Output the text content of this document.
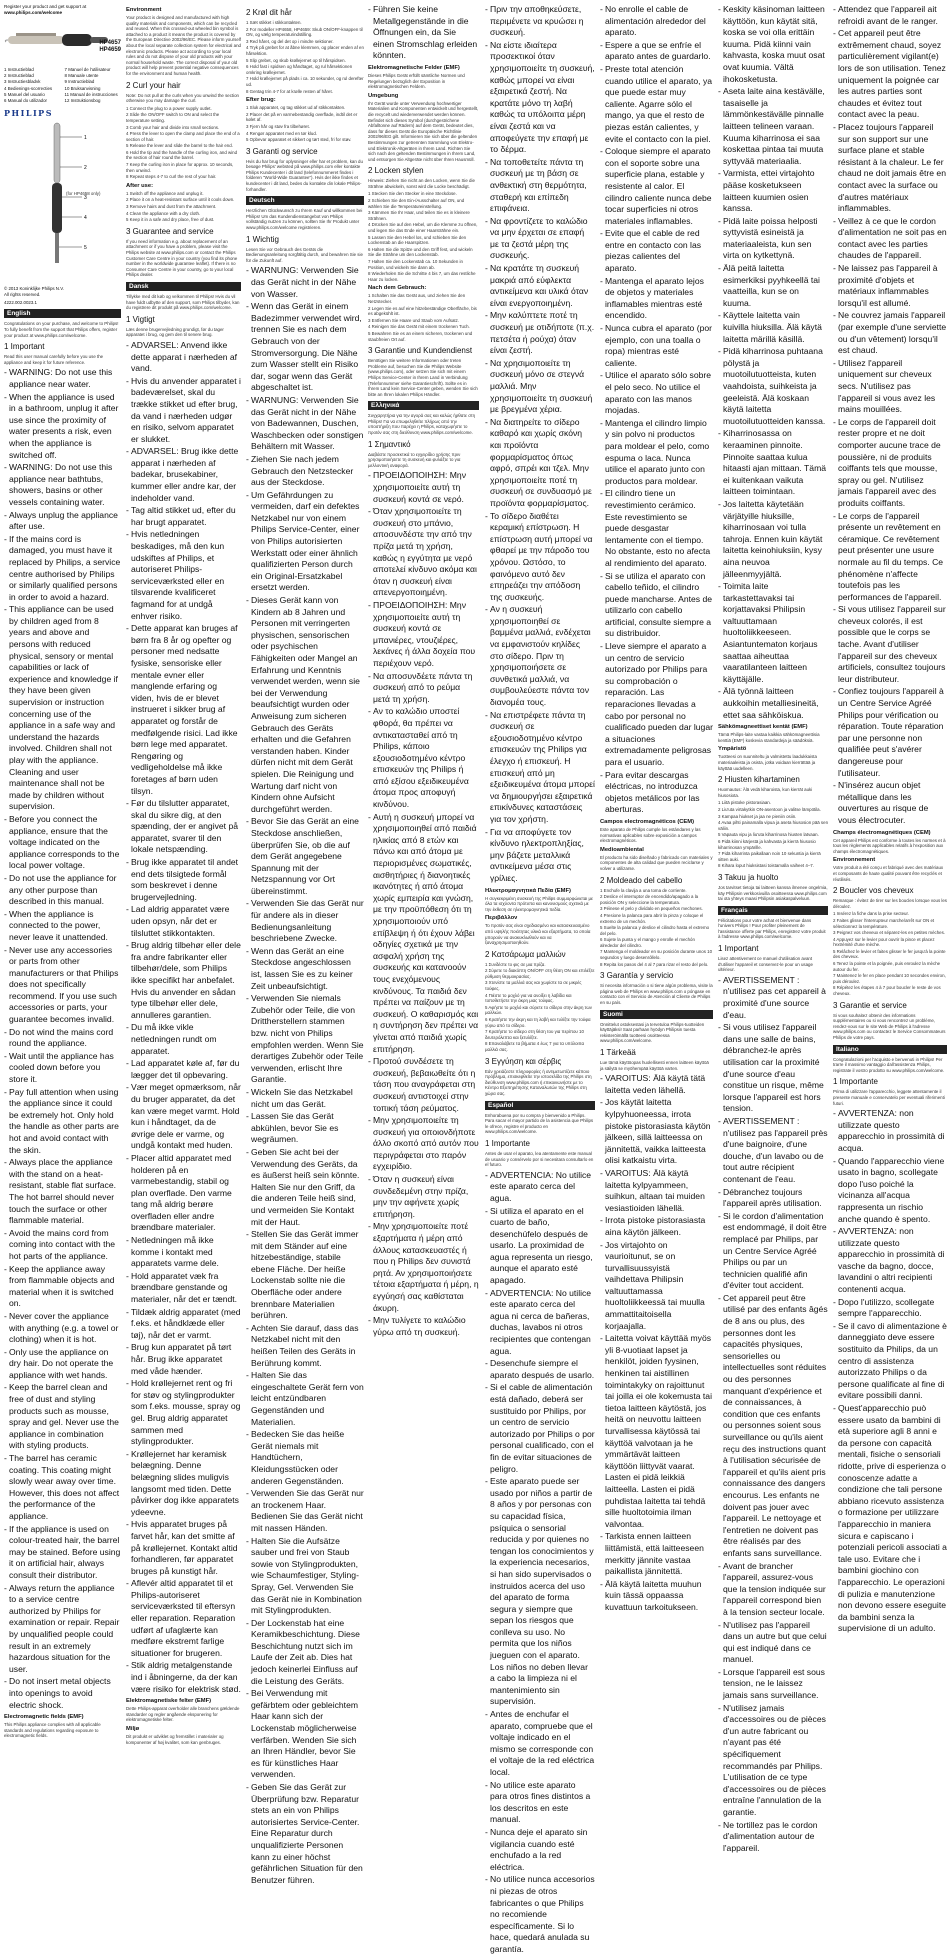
Register your product and get support at
www.philips.com/welcome
HP4657
HP4659
1 Instructieblad	7 Manuel de l'utilisateur
2 Instructieblad	8 Manuale utente
3 Instructiesbladvk	9 Instructieblad
4 Bedienings-scorrecties	10 Bruksanvisning
5 Manuel del usuario	11 Manual de instrucciones
6 Manual do utilizador	12 Instruktionsbog
PHILIPS
1
2
3
4
5
(for HP4658 only)
© 2013 Koninklijke Philips N.V.
All rights reserved.
4222.002.0023.1
English

Congratulations on your purchase, and welcome to Philips! To fully benefit from the support that Philips offers, register your product at www.philips.com/welcome.

1 Important

Read this user manual carefully before you use the appliance and keep it for future reference.

- WARNING: Do not use this appliance near water.
- When the appliance is used in a bathroom, unplug it after use since the proximity of water presents a risk, even when the appliance is switched off.
- WARNING: Do not use this appliance near bathtubs, showers, basins or other vessels containing water.
- Always unplug the appliance after use.
- If the mains cord is damaged, you must have it replaced by Philips, a service centre authorised by Philips or similarly qualified persons in order to avoid a hazard.
- This appliance can be used by children aged from 8 years and above and persons with reduced physical, sensory or mental capabilities or lack of experience and knowledge if they have been given supervision or instruction concerning use of the appliance in a safe way and understand the hazards involved. Children shall not play with the appliance. Cleaning and user maintenance shall not be made by children without supervision.
- Before you connect the appliance, ensure that the voltage indicated on the appliance corresponds to the local power voltage.
- Do not use the appliance for any other purpose than described in this manual.
- When the appliance is connected to the power, never leave it unattended.
- Never use any accessories or parts from other manufacturers or that Philips does not specifically recommend. If you use such accessories or parts, your guarantee becomes invalid.
- Do not wind the mains cord round the appliance.
- Wait until the appliance has cooled down before you store it.
- Pay full attention when using the appliance since it could be extremely hot. Only hold the handle as other parts are hot and avoid contact with the skin.
- Always place the appliance with the stand on a heat-resistant, stable flat surface. The hot barrel should never touch the surface or other flammable material.
- Avoid the mains cord from coming into contact with the hot parts of the appliance.
- Keep the appliance away from flammable objects and material when it is switched on.
- Never cover the appliance with anything (e.g. a towel or clothing) when it is hot.
- Only use the appliance on dry hair. Do not operate the appliance with wet hands.
- Keep the barrel clean and free of dust and styling products such as mousse, spray and gel. Never use the appliance in combination with styling products.
- The barrel has ceramic coating. This coating might slowly wear away over time. However, this does not affect the performance of the appliance.
- If the appliance is used on colour-treated hair, the barrel may be stained. Before using it on artificial hair, always consult their distributor.
- Always return the appliance to a service centre authorized by Philips for examination or repair. Repair by unqualified people could result in an extremely hazardous situation for the user.
- Do not insert metal objects into openings to avoid electric shock.
Electromagnetic fields (EMF)

This Philips appliance complies with all applicable standards and regulations regarding exposure to electromagnetic fields.

Environment

Your product is designed and manufactured with high quality materials and components, which can be recycled and reused. When this crossed-out wheeled bin symbol is attached to a product it means the product is covered by the European Directive 2002/96/EC. Please inform yourself about the local separate collection system for electrical and electronic products. Please act according to your local rules and do not dispose of your old products with your normal household waste. The correct disposal of your old product will help prevent potential negative consequences for the environment and human health.

2 Curl your hair

Note: Do not pull at the curls when you unwind the section otherwise you may damage the curl.

1 Connect the plug to a power supply outlet.
2 Slide the ON/OFF switch to ON and select the temperature setting.
3 Comb your hair and divide into small sections.
4 Press the lever to open the clamp and place the end of a section of hair.
5 Release the lever and slide the barrel to the hair end.
6 Hold the tip and the handle of the curling iron, and wind the section of hair round the barrel.
7 Keep the curling iron in place for approx. 10 seconds, then unwind.
8 Repeat steps 4-7 to curl the rest of your hair.
After use:
1 Switch off the appliance and unplug it.
2 Place it on a heat-resistant surface until it cools down.
3 Remove hairs and dust from the attachment.
4 Clean the appliance with a dry cloth.
5 Keep it in a safe and dry place, free of dust.
3 Guarantee and service

If you need information e.g. about replacement of an attachment or if you have a problem, please visit the Philips website at www.philips.com or contact the Philips Customer Care Centre in your country (you find its phone number in the worldwide guarantee leaflet). If there is no Consumer Care Centre in your country, go to your local Philips dealer.

Dansk

Tillykke med dit køb og velkommen til Philips! Hvis du vil have fuldt udbytte af den support, som Philips tilbyder, kan du registrere dit produkt på www.philips.com/welcome.

1 Vigtigt

Læs denne brugervejledning grundigt, før du tager apparatet i brug, og gem den til senere brug.

- ADVARSEL: Anvend ikke dette apparat i nærheden af vand.
- Hvis du anvender apparatet i badeværelset, skal du trække stikket ud efter brug, da vand i nærheden udgør en risiko, selvom apparatet er slukket.
- ADVARSEL: Brug ikke dette apparat i nærheden af badekar, brusekabiner, kummer eller andre kar, der indeholder vand.
- Tag altid stikket ud, efter du har brugt apparatet.
- Hvis netledningen beskadiges, må den kun udskiftes af Philips, et autoriseret Philips-serviceværksted eller en tilsvarende kvalificeret fagmand for at undgå enhver risiko.
- Dette apparat kan bruges af børn fra 8 år og opefter og personer med nedsatte fysiske, sensoriske eller mentale evner eller manglende erfaring og viden, hvis de er blevet instrueret i sikker brug af apparatet og forstår de medfølgende risici. Lad ikke børn lege med apparatet. Rengøring og vedligeholdelse må ikke foretages af børn uden tilsyn.
- Før du tilslutter apparatet, skal du sikre dig, at den spænding, der er angivet på apparatet, svarer til den lokale netspænding.
- Brug ikke apparatet til andet end dets tilsigtede formål som beskrevet i denne brugervejledning.
- Lad aldrig apparatet være uden opsyn, når det er tilsluttet stikkontakten.
- Brug aldrig tilbehør eller dele fra andre fabrikanter eller tilbehør/dele, som Philips ikke specifikt har anbefalet. Hvis du anvender en sådan type tilbehør eller dele, annulleres garantien.
- Du må ikke vikle netledningen rundt om apparatet.
- Lad apparatet køle af, før du lægger det til opbevaring.
- Vær meget opmærksom, når du bruger apparatet, da det kan være meget varmt. Hold kun i håndtaget, da de øvrige dele er varme, og undgå kontakt med huden.
- Placer altid apparatet med holderen på en varmebestandig, stabil og plan overflade. Den varme tang må aldrig berøre overfladen eller andre brændbare materialer.
- Netledningen må ikke komme i kontakt med apparatets varme dele.
- Hold apparatet væk fra brændbare genstande og materialer, når det er tændt.
- Tildæk aldrig apparatet (med f.eks. et håndklæde eller tøj), når det er varmt.
- Brug kun apparatet på tørt hår. Brug ikke apparatet med våde hænder.
- Hold krøllejernet rent og fri for støv og stylingprodukter som f.eks. mousse, spray og gel. Brug aldrig apparatet sammen med stylingprodukter.
- Krøllejernet har keramisk belægning. Denne belægning slides muligvis langsomt med tiden. Dette påvirker dog ikke apparatets ydeevne.
- Hvis apparatet bruges på farvet hår, kan det smitte af på krøllejernet. Kontakt altid forhandleren, før apparatet bruges på kunstigt hår.
- Aflevér altid apparatet til et Philips-autoriseret serviceværksted til eftersyn eller reparation. Reparation udført af ufaglærte kan medføre ekstremt farlige situationer for brugeren.
- Stik aldrig metalgenstande ind i åbningerne, da der kan være risiko for elektrisk stød.
Elektromagnetiske felter (EMF)

Dette Philips-apparat overholder alle branchens gældende standarder og regler angående eksponering for elektromagnetiske felter.

Miljø

Dit produkt er udviklet og fremstillet i materialer og komponenter af høj kvalitet, som kan genbruges.

2 Krøl dit hår
1 Sæt stikket i stikkontakten.
2 For modeller HP4658, HP4659: Skub ON/OFF-knappen til ON, og vælg temperaturindstilling.
3 Red håret, og del det op i mindre sektioner.
4 Tryk på grebet for at åbne klemmen, og placer enden af en hårsektion.
5 Slip grebet, og skub krøllejernet op til hårspidsen.
6 Hold fast i spidsen og håndtaget, og rul hårsektionen omkring krøllejernet.
7 Hold krøllejernet på plads i ca. 10 sekunder, og rul derefter ud.
8 Gentag trin 4-7 for at krølle resten af håret.
Efter brug:
1 Sluk apparatet, og tag stikket ud af stikkontakten.
2 Placer det på en varmebestandig overflade, indtil det er kølet af.
3 Fjern hår og støv fra tilbehøret.
4 Rengør apparatet med en tør klud.
5 Opbevar apparatet et sikkert og tørt sted, fri for støv.
3 Garanti og service

Hvis du har brug for oplysninger eller har et problem, kan du besøge Philips' websted på www.philips.com eller kontakte Philips Kundecenter i dit land (telefonnummeret findes i folderen "World-Wide Guarantee"). Hvis der ikke findes et kundecenter i dit land, bedes du kontakte din lokale Philips-forhandler.

Deutsch

Herzlichen Glückwunsch zu Ihrem Kauf und willkommen bei Philips! Um das Kundendienstangebot von Philips vollständig nutzen zu können, sollten Sie Ihr Produkt unter www.philips.com/welcome registrieren.

1 Wichtig

Lesen Sie vor Gebrauch des Geräts die Bedienungsanleitung sorgfältig durch, und bewahren Sie sie für die Zukunft auf.

- WARNUNG: Verwenden Sie das Gerät nicht in der Nähe von Wasser.
- Wenn das Gerät in einem Badezimmer verwendet wird, trennen Sie es nach dem Gebrauch von der Stromversorgung. Die Nähe zum Wasser stellt ein Risiko dar, sogar wenn das Gerät abgeschaltet ist.
- WARNUNG: Verwenden Sie das Gerät nicht in der Nähe von Badewannen, Duschen, Waschbecken oder sonstigen Behältern mit Wasser.
- Ziehen Sie nach jedem Gebrauch den Netzstecker aus der Steckdose.
- Um Gefährdungen zu vermeiden, darf ein defektes Netzkabel nur von einem Philips Service-Center, einer von Philips autorisierten Werkstatt oder einer ähnlich qualifizierten Person durch ein Original-Ersatzkabel ersetzt werden.
- Dieses Gerät kann von Kindern ab 8 Jahren und Personen mit verringerten physischen, sensorischen oder psychischen Fähigkeiten oder Mangel an Erfahrung und Kenntnis verwendet werden, wenn sie bei der Verwendung beaufsichtigt wurden oder Anweisung zum sicheren Gebrauch des Geräts erhalten und die Gefahren verstanden haben. Kinder dürfen nicht mit dem Gerät spielen. Die Reinigung und Wartung darf nicht von Kindern ohne Aufsicht durchgeführt werden.
- Bevor Sie das Gerät an eine Steckdose anschließen, überprüfen Sie, ob die auf dem Gerät angegebene Spannung mit der Netzspannung vor Ort übereinstimmt.
- Verwenden Sie das Gerät nur für andere als in dieser Bedienungsanleitung beschriebene Zwecke.
- Wenn das Gerät an eine Steckdose angeschlossen ist, lassen Sie es zu keiner Zeit unbeaufsichtigt.
- Verwenden Sie niemals Zubehör oder Teile, die von Drittherstellern stammen bzw. nicht von Philips empfohlen werden. Wenn Sie derartiges Zubehör oder Teile verwenden, erlischt Ihre Garantie.
- Wickeln Sie das Netzkabel nicht um das Gerät.
- Lassen Sie das Gerät abkühlen, bevor Sie es wegräumen.
- Geben Sie acht bei der Verwendung des Geräts, da es äußerst heiß sein könnte. Halten Sie nur den Griff, da die anderen Teile heiß sind, und vermeiden Sie Kontakt mit der Haut.
- Stellen Sie das Gerät immer mit dem Ständer auf eine hitzebeständige, stabile ebene Fläche. Der heiße Lockenstab sollte nie die Oberfläche oder andere brennbare Materialien berühren.
- Achten Sie darauf, dass das Netzkabel nicht mit den heißen Teilen des Geräts in Berührung kommt.
- Halten Sie das eingeschaltete Gerät fern von leicht entzündbaren Gegenständen und Materialien.
- Bedecken Sie das heiße Gerät niemals mit Handtüchern, Kleidungsstücken oder anderen Gegenständen.
- Verwenden Sie das Gerät nur an trockenem Haar. Bedienen Sie das Gerät nicht mit nassen Händen.
- Halten Sie die Aufsätze sauber und frei von Staub sowie von Stylingprodukten, wie Schaumfestiger, Styling-Spray, Gel. Verwenden Sie das Gerät nie in Kombination mit Stylingprodukten.
- Der Lockenstab hat eine Keramikbeschichtung. Diese Beschichtung nutzt sich im Laufe der Zeit ab. Dies hat jedoch keinerlei Einfluss auf die Leistung des Geräts.
- Bei Verwendung mit gefärbtem oder gebleichtem Haar kann sich der Lockenstab möglicherweise verfärben. Wenden Sie sich an Ihren Händler, bevor Sie es für künstliches Haar verwenden.
- Geben Sie das Gerät zur Überprüfung bzw. Reparatur stets an ein von Philips autorisiertes Service-Center. Eine Reparatur durch unqualifizierte Personen kann zu einer höchst gefährlichen Situation für den Benutzer führen.
- Führen Sie keine Metallgegenstände in die Öffnungen ein, da Sie einen Stromschlag erleiden könnten.
Elektromagnetische Felder (EMF)

Dieses Philips Gerät erfüllt sämtliche Normen und Regelungen bezüglich der Exposition in elektromagnetischen Feldern.

Umgebung

Ihr Gerät wurde unter Verwendung hochwertiger Materialien und Komponenten entwickelt und hergestellt, die recycelt und wiederverwendet werden können. Befindet sich dieses Symbol (durchgestrichene Abfalltonne auf Rädern) auf dem Gerät, bedeutet dies, dass für dieses Gerät die Europäische Richtlinie 2002/96/EG gilt. Informieren Sie sich über die geltenden Bestimmungen zur getrennten Sammlung von Elektro- und Elektronik-Altgeräten in Ihrem Land. Richten Sie sich nach den geltenden Bestimmungen in Ihrem Land, und entsorgen Sie Altgeräte nicht über Ihren Hausmüll.

2 Locken stylen

Hinweis: Ziehen Sie nicht an den Locken, wenn Sie die Strähne abwickeln, sonst wird die Locke beschädigt.

1 Stecken Sie den Stecker in eine Steckdose.
2 Schieben Sie den Ein-/Ausschalter auf ON, und wählen Sie die Temperatureinstellung.
3 Kämmen Sie Ihr Haar, und teilen Sie es in kleinere Strähnen.
4 Drücken Sie auf den Hebel, um die Klemme zu öffnen, und legen Sie das Ende einer Haarsträhne ein.
5 Lassen Sie den Hebel los, und schieben Sie den Lockenstab an die Haarspitzen.
6 Halten Sie die Spitze und den Griff fest, und wickeln Sie die Strähne um den Lockenstab.
7 Halten Sie den Lockenstab ca. 10 Sekunden in Position, und wickeln Sie dann ab.
8 Wiederholen Sie die Schritte 4 bis 7, um das restliche Haar zu locken.
Nach dem Gebrauch:
1 Schalten Sie das Gerät aus, und ziehen Sie den Netzstecker.
2 Legen Sie es auf eine hitzebeständige Oberfläche, bis es abgekühlt ist.
3 Entfernen Sie Haare und Staub vom Aufsatz.
4 Reinigen Sie das Gerät mit einem trockenen Tuch.
5 Bewahren Sie es an einem sicheren, trockenen und staubfreien Ort auf.
3 Garantie und Kundendienst

Benötigen Sie weitere Informationen oder treten Probleme auf, besuchen Sie die Philips Website (www.philips.com), oder setzen Sie sich mit einem Philips Service-Center in Ihrem Land in Verbindung (Telefonnummer siehe Garantieschrift). Sollte es in Ihrem Land kein Service-Center geben, wenden Sie sich bitte an Ihren lokalen Philips Händler.

Ελληνικά

Συγχαρητήρια για την αγορά σας και καλώς ήρθατε στη Philips! Για να επωφεληθείτε πλήρως από την υποστήριξη που παρέχει η Philips, καταχωρήστε το προϊόν σας στη διεύθυνση www.philips.com/welcome.

1 Σημαντικό

Διαβάστε προσεκτικά το εγχειρίδιο χρήσης πριν χρησιμοποιήσετε τη συσκευή και φυλάξτε το για μελλοντική αναφορά.

- ΠΡΟΕΙΔΟΠΟΙΗΣΗ: Μην χρησιμοποιείτε αυτή τη συσκευή κοντά σε νερό.
- Όταν χρησιμοποιείτε τη συσκευή στο μπάνιο, αποσυνδέστε την από την πρίζα μετά τη χρήση, καθώς η εγγύτητα με νερό αποτελεί κίνδυνο ακόμα και όταν η συσκευή είναι απενεργοποιημένη.
- ΠΡΟΕΙΔΟΠΟΙΗΣΗ: Μην χρησιμοποιείτε αυτή τη συσκευή κοντά σε μπανιέρες, ντουζιέρες, λεκάνες ή άλλα δοχεία που περιέχουν νερό.
- Να αποσυνδέετε πάντα τη συσκευή από το ρεύμα μετά τη χρήση.
- Αν το καλώδιο υποστεί φθορά, θα πρέπει να αντικατασταθεί από τη Philips, κάποιο εξουσιοδοτημένο κέντρο επισκευών της Philips ή από εξίσου εξειδικευμένα άτομα προς αποφυγή κινδύνου.
- Αυτή η συσκευή μπορεί να χρησιμοποιηθεί από παιδιά ηλικίας από 8 ετών και πάνω και από άτομα με περιορισμένες σωματικές, αισθητήριες ή διανοητικές ικανότητες ή από άτομα χωρίς εμπειρία και γνώση, με την προϋπόθεση ότι τη χρησιμοποιούν υπό επίβλεψη ή ότι έχουν λάβει οδηγίες σχετικά με την ασφαλή χρήση της συσκευής και κατανοούν τους ενεχόμενους κινδύνους. Τα παιδιά δεν πρέπει να παίζουν με τη συσκευή. Ο καθαρισμός και η συντήρηση δεν πρέπει να γίνεται από παιδιά χωρίς επιτήρηση.
- Προτού συνδέσετε τη συσκευή, βεβαιωθείτε ότι η τάση που αναγράφεται στη συσκευή αντιστοιχεί στην τοπική τάση ρεύματος.
- Μην χρησιμοποιείτε τη συσκευή για οποιονδήποτε άλλο σκοπό από αυτόν που περιγράφεται στο παρόν εγχειρίδιο.
- Όταν η συσκευή είναι συνδεδεμένη στην πρίζα, μην την αφήνετε χωρίς επιτήρηση.
- Μην χρησιμοποιείτε ποτέ εξαρτήματα ή μέρη από άλλους κατασκευαστές ή που η Philips δεν συνιστά ρητά. Αν χρησιμοποιήσετε τέτοια εξαρτήματα ή μέρη, η εγγύησή σας καθίσταται άκυρη.
- Μην τυλίγετε το καλώδιο γύρω από τη συσκευή.
- Πριν την αποθηκεύσετε, περιμένετε να κρυώσει η συσκευή.
- Να είστε ιδιαίτερα προσεκτικοί όταν χρησιμοποιείτε τη συσκευή, καθώς μπορεί να είναι εξαιρετικά ζεστή. Να κρατάτε μόνο τη λαβή καθώς τα υπόλοιπα μέρη είναι ζεστά και να αποφεύγετε την επαφή με το δέρμα.
- Να τοποθετείτε πάντα τη συσκευή με τη βάση σε ανθεκτική στη θερμότητα, σταθερή και επίπεδη επιφάνεια.
- Να φροντίζετε το καλώδιο να μην έρχεται σε επαφή με τα ζεστά μέρη της συσκευής.
- Να κρατάτε τη συσκευή μακριά από εύφλεκτα αντικείμενα και υλικά όταν είναι ενεργοποιημένη.
- Μην καλύπτετε ποτέ τη συσκευή με οτιδήποτε (π.χ. πετσέτα ή ρούχα) όταν είναι ζεστή.
- Να χρησιμοποιείτε τη συσκευή μόνο σε στεγνά μαλλιά. Μην χρησιμοποιείτε τη συσκευή με βρεγμένα χέρια.
- Να διατηρείτε το σίδερο καθαρό και χωρίς σκόνη και προϊόντα φορμαρίσματος όπως αφρό, σπρέι και τζελ. Μην χρησιμοποιείτε ποτέ τη συσκευή σε συνδυασμό με προϊόντα φορμαρίσματος.
- Το σίδερο διαθέτει κεραμική επίστρωση. Η επίστρωση αυτή μπορεί να φθαρεί με την πάροδο του χρόνου. Ωστόσο, το φαινόμενο αυτό δεν επηρεάζει την απόδοση της συσκευής.
- Αν η συσκευή χρησιμοποιηθεί σε βαμμένα μαλλιά, ενδέχεται να εμφανιστούν κηλίδες στο σίδερο. Πριν τη χρησιμοποιήσετε σε συνθετικά μαλλιά, να συμβουλεύεστε πάντα τον διανομέα τους.
- Να επιστρέφετε πάντα τη συσκευή σε εξουσιοδοτημένο κέντρο επισκευών της Philips για έλεγχο ή επισκευή. Η επισκευή από μη εξειδικευμένα άτομα μπορεί να δημιουργήσει εξαιρετικά επικίνδυνες καταστάσεις για τον χρήστη.
- Για να αποφύγετε τον κίνδυνο ηλεκτροπληξίας, μην βάζετε μεταλλικά αντικείμενα μέσα στις γρίλιες.
Ηλεκτρομαγνητικά Πεδία (EMF)

Η συγκεκριμένη συσκευή της Philips συμμορφώνεται με όλα τα ισχύοντα πρότυπα και κανονισμούς σχετικά με την έκθεση σε ηλεκτρομαγνητικά πεδία.

Περιβάλλον

Το προϊόν σας είναι σχεδιασμένο και κατασκευασμένο από υψηλής ποιότητας υλικά και εξαρτήματα, τα οποία μπορούν να ανακυκλωθούν και να ξαναχρησιμοποιηθούν.

2 Κατσάρωμα μαλλιών
1 Συνδέστε το φις σε μια πρίζα.
2 Σύρετε το διακόπτη ON/OFF στη θέση ON και επιλέξτε ρύθμιση θερμοκρασίας.
3 Χτενίστε τα μαλλιά σας και χωρίστε τα σε μικρές τούφες.
4 Πιέστε το μοχλό για να ανοίξει η λαβίδα και τοποθετήστε την άκρη μιας τούφας.
5 Αφήστε το μοχλό και σύρετε το σίδερο στην άκρη των μαλλιών.
6 Κρατήστε την άκρη και τη λαβή και τυλίξτε την τούφα γύρω από το σίδερο.
7 Κρατήστε το σίδερο στη θέση του για περίπου 10 δευτερόλεπτα και ξετυλίξτε.
8 Επαναλάβετε τα βήματα 4 έως 7 για τα υπόλοιπα μαλλιά σας.
3 Εγγύηση και σέρβις

Εάν χρειάζεστε πληροφορίες ή αντιμετωπίζετε κάποιο πρόβλημα, επισκεφθείτε την ιστοσελίδα της Philips στη διεύθυνση www.philips.com ή επικοινωνήστε με το Κέντρο Εξυπηρέτησης Καταναλωτών της Philips στη χώρα σας.

Español

Enhorabuena por su compra y bienvenido a Philips. Para sacar el mayor partido de la asistencia que Philips le ofrece, registre el producto en www.philips.com/welcome.

1 Importante

Antes de usar el aparato, lea atentamente este manual de usuario y consérvelo por si necesitara consultarlo en el futuro.

- ADVERTENCIA: No utilice este aparato cerca del agua.
- Si utiliza el aparato en el cuarto de baño, desenchúfelo después de usarlo. La proximidad de agua representa un riesgo, aunque el aparato esté apagado.
- ADVERTENCIA: No utilice este aparato cerca del agua ni cerca de bañeras, duchas, lavabos ni otros recipientes que contengan agua.
- Desenchufe siempre el aparato después de usarlo.
- Si el cable de alimentación está dañado, deberá ser sustituido por Philips, por un centro de servicio autorizado por Philips o por personal cualificado, con el fin de evitar situaciones de peligro.
- Este aparato puede ser usado por niños a partir de 8 años y por personas con su capacidad física, psíquica o sensorial reducida y por quienes no tengan los conocimientos y la experiencia necesarios, si han sido supervisados o instruidos acerca del uso del aparato de forma segura y siempre que sepan los riesgos que conlleva su uso. No permita que los niños jueguen con el aparato. Los niños no deben llevar a cabo la limpieza ni el mantenimiento sin supervisión.
- Antes de enchufar el aparato, compruebe que el voltaje indicado en el mismo se corresponde con el voltaje de la red eléctrica local.
- No utilice este aparato para otros fines distintos a los descritos en este manual.
- Nunca deje el aparato sin vigilancia cuando esté enchufado a la red eléctrica.
- No utilice nunca accesorios ni piezas de otros fabricantes o que Philips no recomiende específicamente. Si lo hace, quedará anulada su garantía.
- No enrolle el cable de alimentación alrededor del aparato.
- Espere a que se enfríe el aparato antes de guardarlo.
- Preste total atención cuando utilice el aparato, ya que puede estar muy caliente. Agarre sólo el mango, ya que el resto de piezas están calientes, y evite el contacto con la piel.
- Coloque siempre el aparato con el soporte sobre una superficie plana, estable y resistente al calor. El cilindro caliente nunca debe tocar superficies ni otros materiales inflamables.
- Evite que el cable de red entre en contacto con las piezas calientes del aparato.
- Mantenga el aparato lejos de objetos y materiales inflamables mientras esté encendido.
- Nunca cubra el aparato (por ejemplo, con una toalla o ropa) mientras esté caliente.
- Utilice el aparato sólo sobre el pelo seco. No utilice el aparato con las manos mojadas.
- Mantenga el cilindro limpio y sin polvo ni productos para moldear el pelo, como espuma o laca. Nunca utilice el aparato junto con productos para moldear.
- El cilindro tiene un revestimiento cerámico. Este revestimiento se puede desgastar lentamente con el tiempo. No obstante, esto no afecta al rendimiento del aparato.
- Si se utiliza el aparato con cabello teñido, el cilindro puede mancharse. Antes de utilizarlo con cabello artificial, consulte siempre a su distribuidor.
- Lleve siempre el aparato a un centro de servicio autorizado por Philips para su comprobación o reparación. Las reparaciones llevadas a cabo por personal no cualificado pueden dar lugar a situaciones extremadamente peligrosas para el usuario.
- Para evitar descargas eléctricas, no introduzca objetos metálicos por las aberturas.
Campos electromagnéticos (CEM)

Este aparato de Philips cumple los estándares y las normativas aplicables sobre exposición a campos electromagnéticos.

Medioambiental

El producto ha sido diseñado y fabricado con materiales y componentes de alta calidad que pueden reciclarse y volver a utilizarse.

2 Moldeado del cabello
1 Enchufe la clavija a una toma de corriente.
2 Deslice el interruptor de encendido/apagado a la posición ON y seleccione la temperatura.
3 Péinese el pelo y divídalo en pequeños mechones.
4 Presione la palanca para abrir la pinza y coloque el extremo de un mechón.
5 Suelte la palanca y deslice el cilindro hasta el extremo del pelo.
6 Sujete la punta y el mango y enrolle el mechón alrededor del cilindro.
7 Mantenga el moldeador en su posición durante unos 10 segundos y luego desenróllelo.
8 Repita los pasos del 4 al 7 para rizar el resto del pelo.
3 Garantía y servicio

Si necesita información o si tiene algún problema, visite la página web de Philips en www.philips.com o póngase en contacto con el Servicio de Atención al Cliente de Philips en su país.

Suomi

Onnittelut ostoksestasi ja tervetuloa Philips-tuotteiden käyttäjäksi! Saat parhaan hyödyn Philipsin tuesta rekisteröimällä tuotteesi osoitteessa www.philips.com/welcome.

1 Tärkeää

Lue tämä käyttöopas huolellisesti ennen laitteen käyttöä ja säilytä se myöhempää käyttöä varten.

- VAROITUS: Älä käytä tätä laitetta veden lähellä.
- Jos käytät laitetta kylpyhuoneessa, irrota pistoke pistorasiasta käytön jälkeen, sillä laitteessa on jännitettä, vaikka laitteesta olisi katkaistu virta.
- VAROITUS: Älä käytä laitetta kylpyammeen, suihkun, altaan tai muiden vesiastioiden lähellä.
- Irrota pistoke pistorasiasta aina käytön jälkeen.
- Jos virtajohto on vaurioitunut, se on turvallisuussyistä vaihdettava Philipsin valtuuttamassa huoltoliikkeessä tai muulla ammattitaitoisella korjaajalla.
- Laitetta voivat käyttää myös yli 8-vuotiaat lapset ja henkilöt, joiden fyysinen, henkinen tai aistillinen toimintakyky on rajoittunut tai joilla ei ole kokemusta tai tietoa laitteen käytöstä, jos heitä on neuvottu laitteen turvallisessa käytössä tai käyttöä valvotaan ja he ymmärtävät laitteen käyttöön liittyvät vaarat. Lasten ei pidä leikkiä laitteella. Lasten ei pidä puhdistaa laitetta tai tehdä sille huoltotoimia ilman valvontaa.
- Tarkista ennen laitteen liittämistä, että laitteeseen merkitty jännite vastaa paikallista jännitettä.
- Älä käytä laitetta muuhun kuin tässä oppaassa kuvattuun tarkoitukseen.
- Keskity käsinoman laitteen käyttöön, kun käytät sitä, koska se voi olla erittäin kuuma. Pidä kiinni vain kahvasta, koska muut osat ovat kuumia. Vältä ihokosketusta.
- Aseta laite aina kestävälle, tasaiselle ja lämmönkestävälle pinnalle laitteen telineen varaan. Kuuma kiharrinosa ei saa koskettaa pintaa tai muuta syttyvää materiaalia.
- Varmista, ettei virtajohto pääse kosketukseen laitteen kuumien osien kanssa.
- Pidä laite poissa helposti syttyvistä esineistä ja materiaaleista, kun sen virta on kytkettynä.
- Älä peitä laitetta esimerkiksi pyyhkeellä tai vaatteilla, kun se on kuuma.
- Käyttele laitetta vain kuivilla hiuksilla. Älä käytä laitetta märillä käsillä.
- Pidä kiharrinosa puhtaana pölystä ja muotoilutuotteista, kuten vaahdoista, suihkeista ja geeleistä. Älä koskaan käytä laitetta muotoilutuotteiden kanssa.
- Kiharrinosassa on keraaminen pinnoite. Pinnoite saattaa kulua hitaasti ajan mittaan. Tämä ei kuitenkaan vaikuta laitteen toimintaan.
- Jos laitetta käytetään värjätyille hiuksille, kiharrinosaan voi tulla tahroja. Ennen kuin käytät laitetta keinohiuksiin, kysy aina neuvoa jälleenmyyjältä.
- Toimita laite tarkastettavaksi tai korjattavaksi Philipsin valtuuttamaan huoltoliikkeeseen. Asiantuntematon korjaus saattaa aiheuttaa vaaratilanteen laitteen käyttäjälle.
- Älä työnnä laitteen aukkoihin metalliesineitä, ettet saa sähköiskua.
Sähkömagneettiset kentät (EMF)

Tämä Philips-laite vastaa kaikkia sähkömagneettisia kenttiä (EMF) koskevia standardeja ja säädöksiä.

Ympäristö

Tuotteesi on suunniteltu ja valmistettu laadukkaista materiaaleista ja osista, jotka voidaan kierrättää ja käyttää uudelleen.

2 Hiusten kihartaminen

Huomautus: Älä vedä kiharoista, kun kierrät auki hiusosiota.

1 Liitä pistoke pistorasiaan.
2 Liu'uta virtakytkin ON-asentoon ja valitse lämpötila.
3 Kampaa hiukset ja jaa ne pieniin osiin.
4 Avaa pihti painamalla vipua ja aseta hiusosion pää sen väliin.
5 Vapauta vipu ja liu'uta kiharrinosa hiusten latvaan.
6 Pidä kiinni kärjestä ja kahvasta ja kierrä hiusosio kiharrinosan ympärille.
7 Pidä kiharrinta paikallaan noin 10 sekuntia ja kierrä sitten auki.
8 Kihara loput hiuksistasi toistamalla vaiheet 4–7.
3 Takuu ja huolto

Jos tarvitset tietoja tai laitteen kanssa ilmenee ongelmia, käy Philipsin verkkosivuilla osoitteessa www.philips.com tai ota yhteys maasi Philipsin asiakaspalveluun.

Français

Félicitations pour votre achat et bienvenue dans l'univers Philips ! Pour profiter pleinement de l'assistance offerte par Philips, enregistrez votre produit à l'adresse www.philips.com/welcome.

1 Important

Lisez attentivement ce manuel d'utilisation avant d'utiliser l'appareil et conservez-le pour un usage ultérieur.

- AVERTISSEMENT : n'utilisez pas cet appareil à proximité d'une source d'eau.
- Si vous utilisez l'appareil dans une salle de bains, débranchez-le après utilisation car la proximité d'une source d'eau constitue un risque, même lorsque l'appareil est hors tension.
- AVERTISSEMENT : n'utilisez pas l'appareil près d'une baignoire, d'une douche, d'un lavabo ou de tout autre récipient contenant de l'eau.
- Débranchez toujours l'appareil après utilisation.
- Si le cordon d'alimentation est endommagé, il doit être remplacé par Philips, par un Centre Service Agréé Philips ou par un technicien qualifié afin d'éviter tout accident.
- Cet appareil peut être utilisé par des enfants âgés de 8 ans ou plus, des personnes dont les capacités physiques, sensorielles ou intellectuelles sont réduites ou des personnes manquant d'expérience et de connaissances, à condition que ces enfants ou personnes soient sous surveillance ou qu'ils aient reçu des instructions quant à l'utilisation sécurisée de l'appareil et qu'ils aient pris connaissance des dangers encourus. Les enfants ne doivent pas jouer avec l'appareil. Le nettoyage et l'entretien ne doivent pas être réalisés par des enfants sans surveillance.
- Avant de brancher l'appareil, assurez-vous que la tension indiquée sur l'appareil correspond bien à la tension secteur locale.
- N'utilisez pas l'appareil dans un autre but que celui qui est indiqué dans ce manuel.
- Lorsque l'appareil est sous tension, ne le laissez jamais sans surveillance.
- N'utilisez jamais d'accessoires ou de pièces d'un autre fabricant ou n'ayant pas été spécifiquement recommandés par Philips. L'utilisation de ce type d'accessoires ou de pièces entraîne l'annulation de la garantie.
- Ne tortillez pas le cordon d'alimentation autour de l'appareil.
- Attendez que l'appareil ait refroidi avant de le ranger.
- Cet appareil peut être extrêmement chaud, soyez particulièrement vigilant(e) lors de son utilisation. Tenez uniquement la poignée car les autres parties sont chaudes et évitez tout contact avec la peau.
- Placez toujours l'appareil sur son support sur une surface plane et stable résistant à la chaleur. Le fer chaud ne doit jamais être en contact avec la surface ou d'autres matériaux inflammables.
- Veillez à ce que le cordon d'alimentation ne soit pas en contact avec les parties chaudes de l'appareil.
- Ne laissez pas l'appareil à proximité d'objets et matériaux inflammables lorsqu'il est allumé.
- Ne couvrez jamais l'appareil (par exemple d'une serviette ou d'un vêtement) lorsqu'il est chaud.
- Utilisez l'appareil uniquement sur cheveux secs. N'utilisez pas l'appareil si vous avez les mains mouillées.
- Le corps de l'appareil doit rester propre et ne doit comporter aucune trace de poussière, ni de produits coiffants tels que mousse, spray ou gel. N'utilisez jamais l'appareil avec des produits coiffants.
- Le corps de l'appareil présente un revêtement en céramique. Ce revêtement peut présenter une usure normale au fil du temps. Ce phénomène n'affecte toutefois pas les performances de l'appareil.
- Si vous utilisez l'appareil sur cheveux colorés, il est possible que le corps se tache. Avant d'utiliser l'appareil sur des cheveux artificiels, consultez toujours leur distributeur.
- Confiez toujours l'appareil à un Centre Service Agréé Philips pour vérification ou réparation. Toute réparation par une personne non qualifiée peut s'avérer dangereuse pour l'utilisateur.
- N'insérez aucun objet métallique dans les ouvertures au risque de vous électrocuter.
Champs électromagnétiques (CEM)

Cet appareil Philips est conforme à toutes les normes et à tous les règlements applicables relatifs à l'exposition aux champs électromagnétiques.

Environnement

Votre produit a été conçu et fabriqué avec des matériaux et composants de haute qualité pouvant être recyclés et réutilisés.

2 Boucler vos cheveux

Remarque : évitez de tirer sur les boucles lorsque vous les déroulez.

1 Insérez la fiche dans la prise secteur.
2 Faites glisser l'interrupteur marche/arrêt sur ON et sélectionnez la température.
3 Peignez vos cheveux et séparez-les en petites mèches.
4 Appuyez sur le levier pour ouvrir la pince et placez l'extrémité d'une mèche.
5 Relâchez le levier et faites glisser le fer jusqu'à la pointe des cheveux.
6 Tenez la pointe et la poignée, puis enroulez la mèche autour du fer.
7 Maintenez le fer en place pendant 10 secondes environ, puis déroulez.
8 Répétez les étapes 4 à 7 pour boucler le reste de vos cheveux.
3 Garantie et service

Si vous souhaitez obtenir des informations supplémentaires ou si vous rencontrez un problème, rendez-vous sur le site Web de Philips à l'adresse www.philips.com ou contactez le Service Consommateurs Philips de votre pays.

Italiano

Congratulazioni per l'acquisto e benvenuti in Philips! Per trarre il massimo vantaggio dall'assistenza Philips, registrate il vostro prodotto su www.philips.com/welcome.

1 Importante

Prima di utilizzare l'apparecchio, leggete attentamente il presente manuale e conservatelo per eventuali riferimenti futuri.

- AVVERTENZA: non utilizzate questo apparecchio in prossimità di acqua.
- Quando l'apparecchio viene usato in bagno, scollegate dopo l'uso poiché la vicinanza all'acqua rappresenta un rischio anche quando è spento.
- AVVERTENZA: non utilizzate questo apparecchio in prossimità di vasche da bagno, docce, lavandini o altri recipienti contenenti acqua.
- Dopo l'utilizzo, scollegate sempre l'apparecchio.
- Se il cavo di alimentazione è danneggiato deve essere sostituito da Philips, da un centro di assistenza autorizzato Philips o da persone qualificate al fine di evitare possibili danni.
- Quest'apparecchio può essere usato da bambini di età superiore agli 8 anni e da persone con capacità mentali, fisiche o sensoriali ridotte, prive di esperienza o conoscenze adatte a condizione che tali persone abbiano ricevuto assistenza o formazione per utilizzare l'apparecchio in maniera sicura e capiscano i potenziali pericoli associati a tale uso. Evitare che i bambini giochino con l'apparecchio. Le operazioni di pulizia e manutenzione non devono essere eseguite da bambini senza la supervisione di un adulto.
